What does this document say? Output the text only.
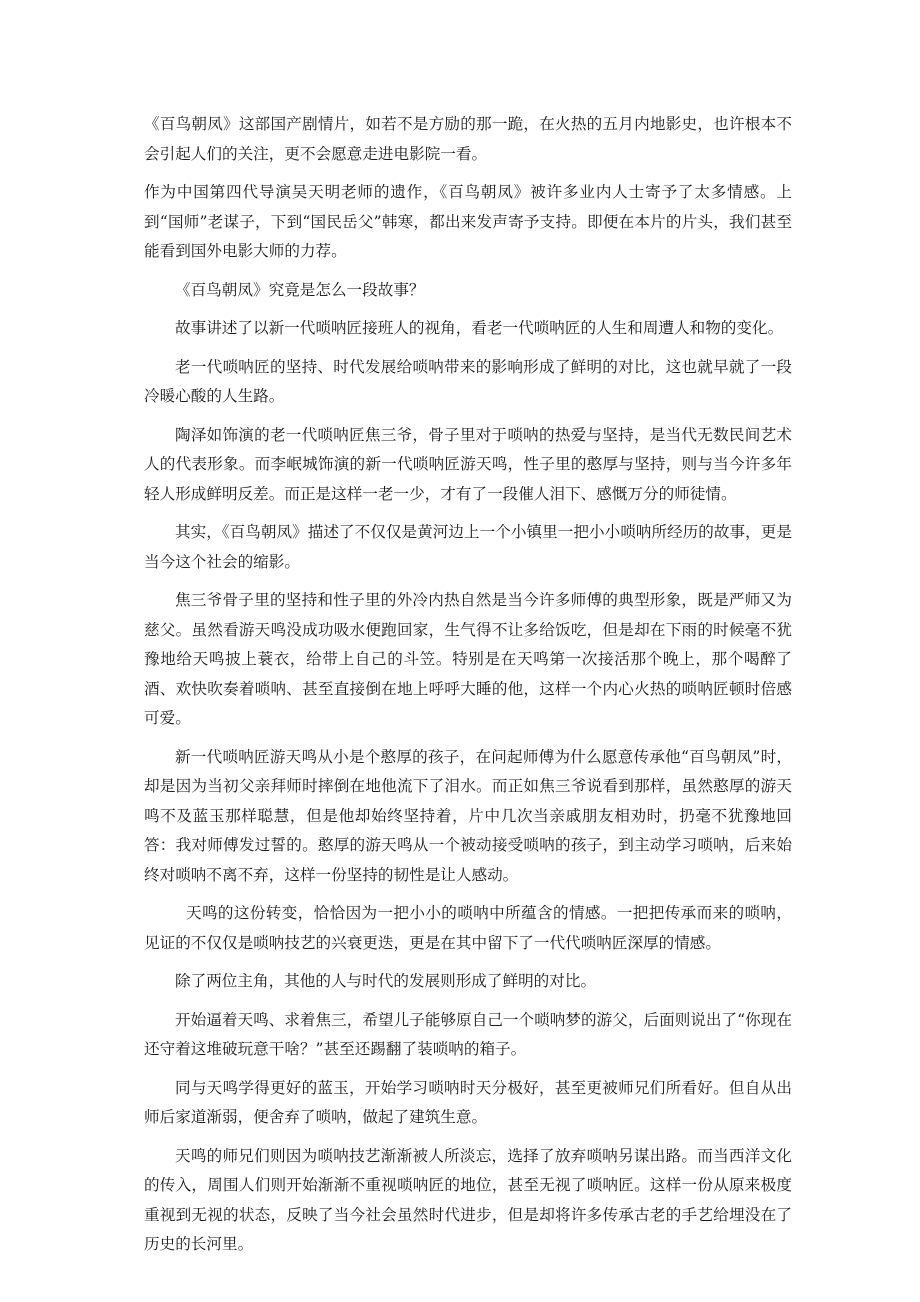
《百鸟朝凤》这部国产剧情片，如若不是方励的那一跪，在火热的五月内地影史，也许根本不会引起人们的关注，更不会愿意走进电影院一看。

作为中国第四代导演吴天明老师的遗作，《百鸟朝凤》被许多业内人士寄予了太多情感。上到“国师”老谋子，下到“国民岳父”韩寒，都出来发声寄予支持。即便在本片的片头，我们甚至能看到国外电影大师的力荐。

《百鸟朝凤》究竟是怎么一段故事？

故事讲述了以新一代唢呐匠接班人的视角，看老一代唢呐匠的人生和周遭人和物的变化。

老一代唢呐匠的坚持、时代发展给唢呐带来的影响形成了鲜明的对比，这也就早就了一段冷暖心酸的人生路。

陶泽如饰演的老一代唢呐匠焦三爷，骨子里对于唢呐的热爱与坚持，是当代无数民间艺术人的代表形象。而李岷城饰演的新一代唢呐匠游天鸣，性子里的憨厚与坚持，则与当今许多年轻人形成鲜明反差。而正是这样一老一少，才有了一段催人泪下、感慨万分的师徒情。

其实，《百鸟朝凤》描述了不仅仅是黄河边上一个小镇里一把小小唢呐所经历的故事，更是当今这个社会的缩影。

焦三爷骨子里的坚持和性子里的外冷内热自然是当今许多师傅的典型形象，既是严师又为慈父。虽然看游天鸣没成功吸水便跑回家，生气得不让多给饭吃，但是却在下雨的时候毫不犹豫地给天鸣披上蓑衣，给带上自己的斗笠。特别是在天鸣第一次接活那个晚上，那个喝醉了酒、欢快吹奏着唢呐、甚至直接倒在地上呼呼大睡的他，这样一个内心火热的唢呐匠顿时倍感可爱。

新一代唢呐匠游天鸣从小是个憨厚的孩子，在问起师傅为什么愿意传承他“百鸟朝凤”时，却是因为当初父亲拜师时摔倒在地他流下了泪水。而正如焦三爷说看到那样，虽然憨厚的游天鸣不及蓝玉那样聪慧，但是他却始终坚持着，片中几次当亲戚朋友相劝时，扔毫不犹豫地回答：我对师傅发过誓的。憨厚的游天鸣从一个被动接受唢呐的孩子，到主动学习唢呐，后来始终对唢呐不离不弃，这样一份坚持的韧性是让人感动。

天鸣的这份转变，恰恰因为一把小小的唢呐中所蕴含的情感。一把把传承而来的唢呐，见证的不仅仅是唢呐技艺的兴衰更迭，更是在其中留下了一代代唢呐匠深厚的情感。

除了两位主角，其他的人与时代的发展则形成了鲜明的对比。

开始逼着天鸣、求着焦三，希望儿子能够原自己一个唢呐梦的游父，后面则说出了“你现在还守着这堆破玩意干啥？”甚至还踢翻了装唢呐的箱子。

同与天鸣学得更好的蓝玉，开始学习唢呐时天分极好，甚至更被师兄们所看好。但自从出师后家道渐弱，便舍弃了唢呐，做起了建筑生意。

天鸣的师兄们则因为唢呐技艺渐渐被人所淡忘，选择了放弃唢呐另谋出路。而当西洋文化的传入，周围人们则开始渐渐不重视唢呐匠的地位，甚至无视了唢呐匠。这样一份从原来极度重视到无视的状态，反映了当今社会虽然时代进步，但是却将许多传承古老的手艺给埋没在了历史的长河里。
